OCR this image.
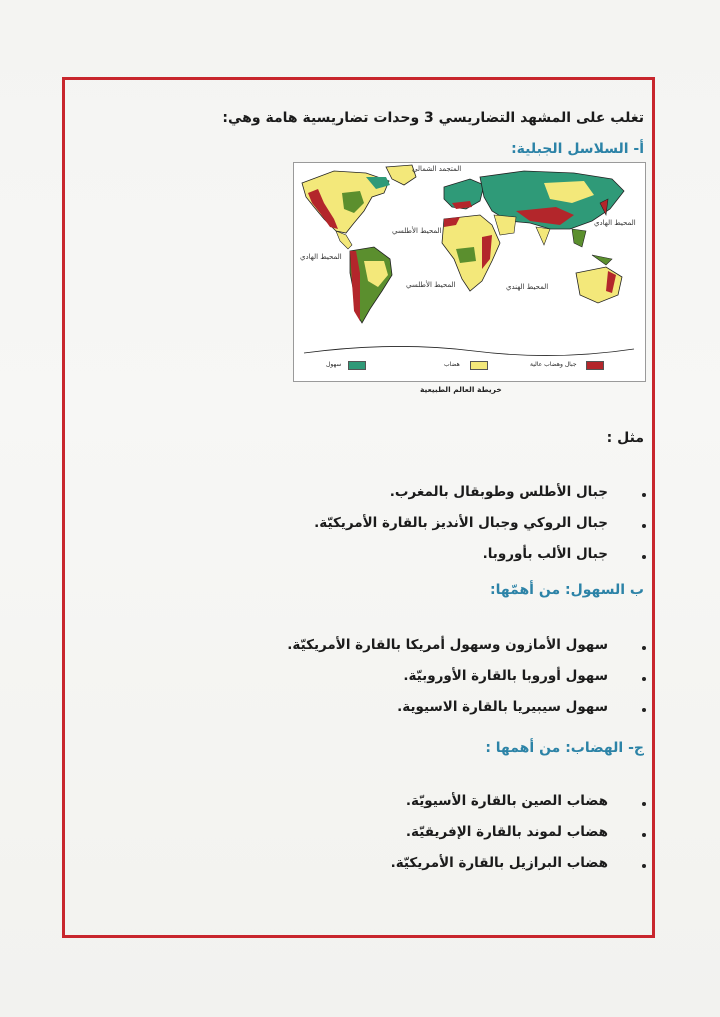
تغلب على المشهد التضاريسي 3 وحدات تضاريسية هامة وهي:
أ- السلاسل الجبلية:
المحيط الأطلسي
المحيط الهادي
المحيط الهادي
المحيط الأطلسي	المحيط الهندي
المتجمد الشمالي
جبال وهضاب عالية
هضاب
سهول
خريطة العالم الطبيعية
مثل :
جبال الأطلس وطوبقال بالمغرب.
جبال الروكي وجبال الأنديز بالقارة الأمريكيّة.
جبال الألب بأوروبا.
ب السهول: من أهمّها:
سهول الأمازون وسهول أمريكا بالقارة الأمريكيّة.
سهول أوروبا بالقارة الأوروبيّة.
سهول سيبيريا بالقارة الاسيوية.
ج- الهضاب: من أهمها :
هضاب الصين بالقارة الأسيويّة.
هضاب لموند بالقارة الإفريقيّة.
هضاب البرازيل بالقارة الأمريكيّة.
